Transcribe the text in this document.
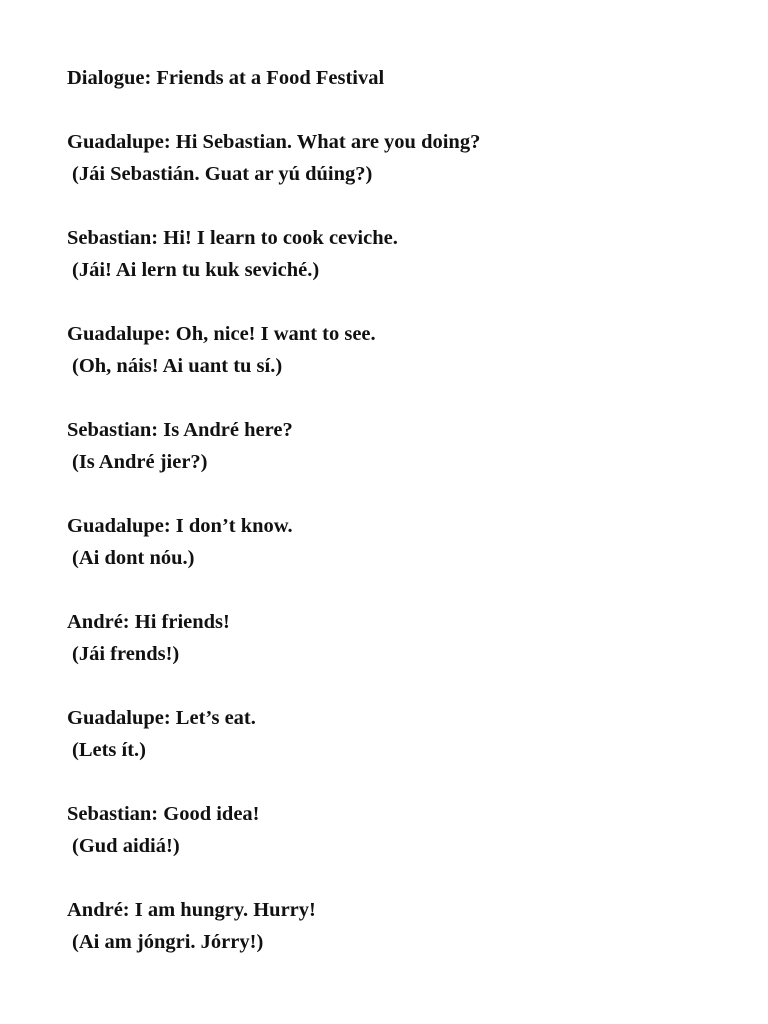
Dialogue: Friends at a Food Festival
Guadalupe: Hi Sebastian. What are you doing?
(Jái Sebastián. Guat ar yú dúing?)
Sebastian: Hi! I learn to cook ceviche.
(Jái! Ai lern tu kuk seviché.)
Guadalupe: Oh, nice! I want to see.
(Oh, náis! Ai uant tu sí.)
Sebastian: Is André here?
(Is André jier?)
Guadalupe: I don’t know.
(Ai dont nóu.)
André: Hi friends!
(Jái frends!)
Guadalupe: Let’s eat.
(Lets ít.)
Sebastian: Good idea!
(Gud aidiá!)
André: I am hungry. Hurry!
(Ai am jóngri. Jórry!)
